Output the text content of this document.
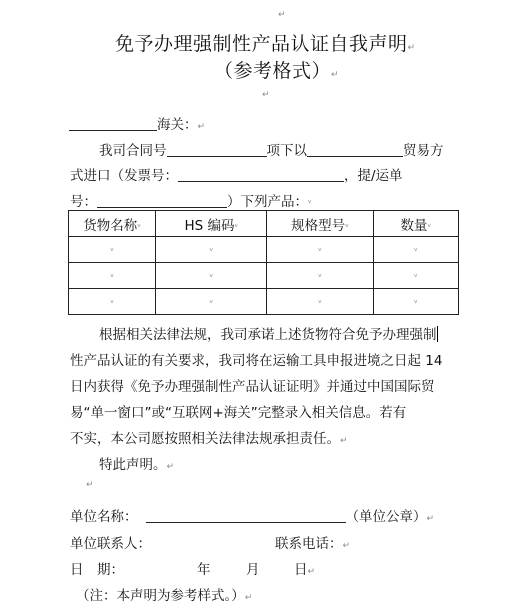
↵
免予办理强制性产品认证自我声明↵
（参考格式）↵
↵
海关：↵
我司合同号	项下以	贸易方
式进口（发票号：	，提/运单
号：	）下列产品：ᵛ
货物名称ᵛ	HS 编码ᵛ	规格型号ᵛ	数量ᵛ
ᵛ	ᵛ	ᵛ	ᵛ
ᵛ	ᵛ	ᵛ	ᵛ
ᵛ	ᵛ	ᵛ	ᵛ
根据相关法律法规，我司承诺上述货物符合免予办理强制
性产品认证的有关要求，我司将在运输工具申报进境之日起 14
日内获得《免予办理强制性产品认证证明》并通过中国国际贸
易“单一窗口”或“互联网+海关”完整录入相关信息。若有
不实，本公司愿按照相关法律法规承担责任。↵
特此声明。↵
↵
单位名称：	（单位公章）↵
单位联系人：	联系电话：↵
日　期：	年	月	日↵
（注：本声明为参考样式。）↵
